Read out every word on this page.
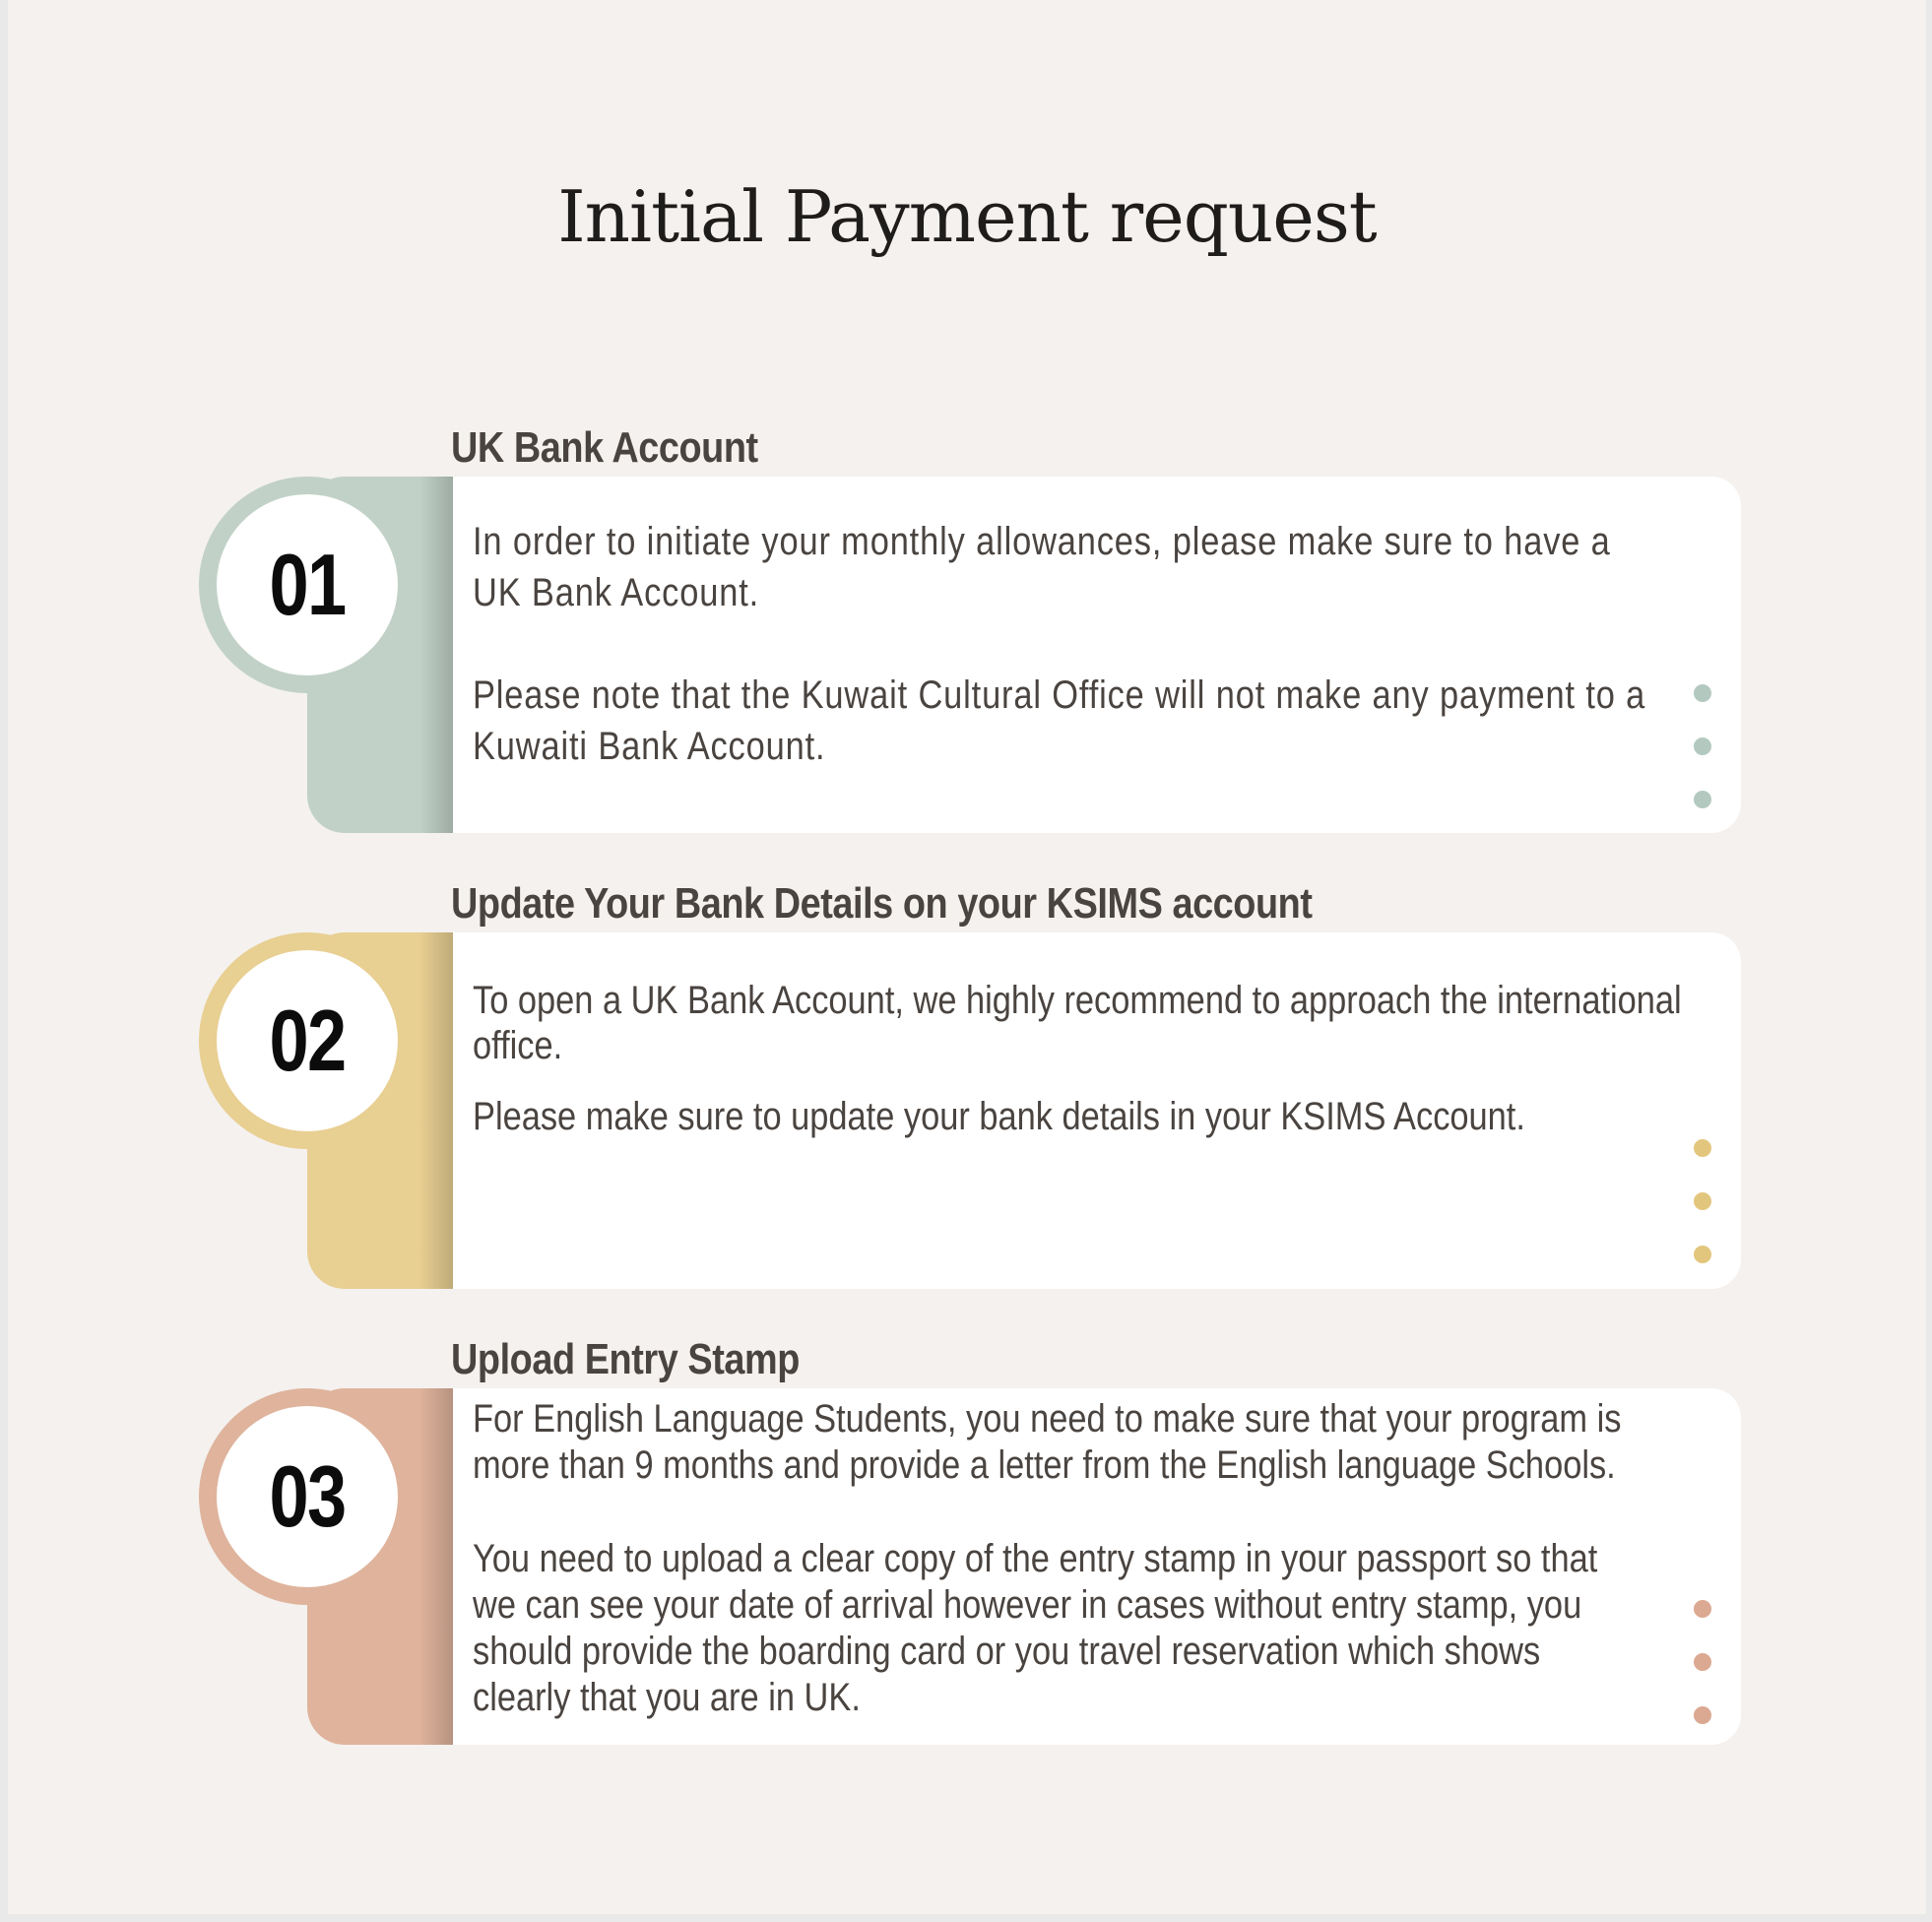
Initial Payment request
UK Bank Account
01	In order to initiate your monthly allowances, please make sure to have a
UK Bank Account.

Please note that the Kuwait Cultural Office will not make any payment to a
Kuwaiti Bank Account.

Update Your Bank Details on your KSIMS account
02	To open a UK Bank Account, we highly recommend to approach the international
office.

Please make sure to update your bank details in your KSIMS Account.

Upload Entry Stamp
03

For English Language Students, you need to make sure that your program is
more than 9 months and provide a letter from the English language Schools.

You need to upload a clear copy of the entry stamp in your passport so that
we can see your date of arrival however in cases without entry stamp, you
should provide the boarding card or you travel reservation which shows
clearly that you are in UK.
